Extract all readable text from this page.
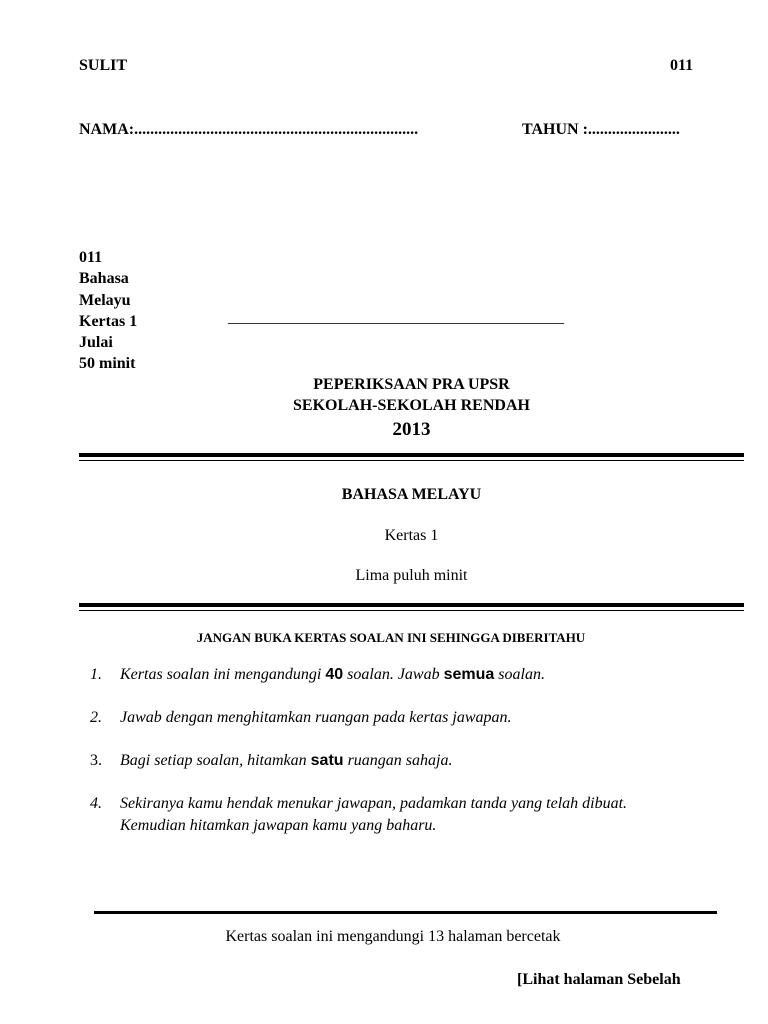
SULIT	011
NAMA:.......................................................................	TAHUN :.......................
011
Bahasa
Melayu
Kertas 1
Julai
50 minit
__________________________________________
PEPERIKSAAN PRA UPSR
SEKOLAH-SEKOLAH RENDAH
2013
BAHASA MELAYU
Kertas 1
Lima puluh minit
JANGAN BUKA KERTAS SOALAN INI SEHINGGA DIBERITAHU
1. Kertas soalan ini mengandungi 40 soalan. Jawab semua soalan.
2. Jawab dengan menghitamkan ruangan pada kertas jawapan.
3. Bagi setiap soalan, hitamkan satu ruangan sahaja.
4. Sekiranya kamu hendak menukar jawapan, padamkan tanda yang telah dibuat. Kemudian hitamkan jawapan kamu yang baharu.
Kertas soalan ini mengandungi 13 halaman bercetak
[Lihat halaman Sebelah
